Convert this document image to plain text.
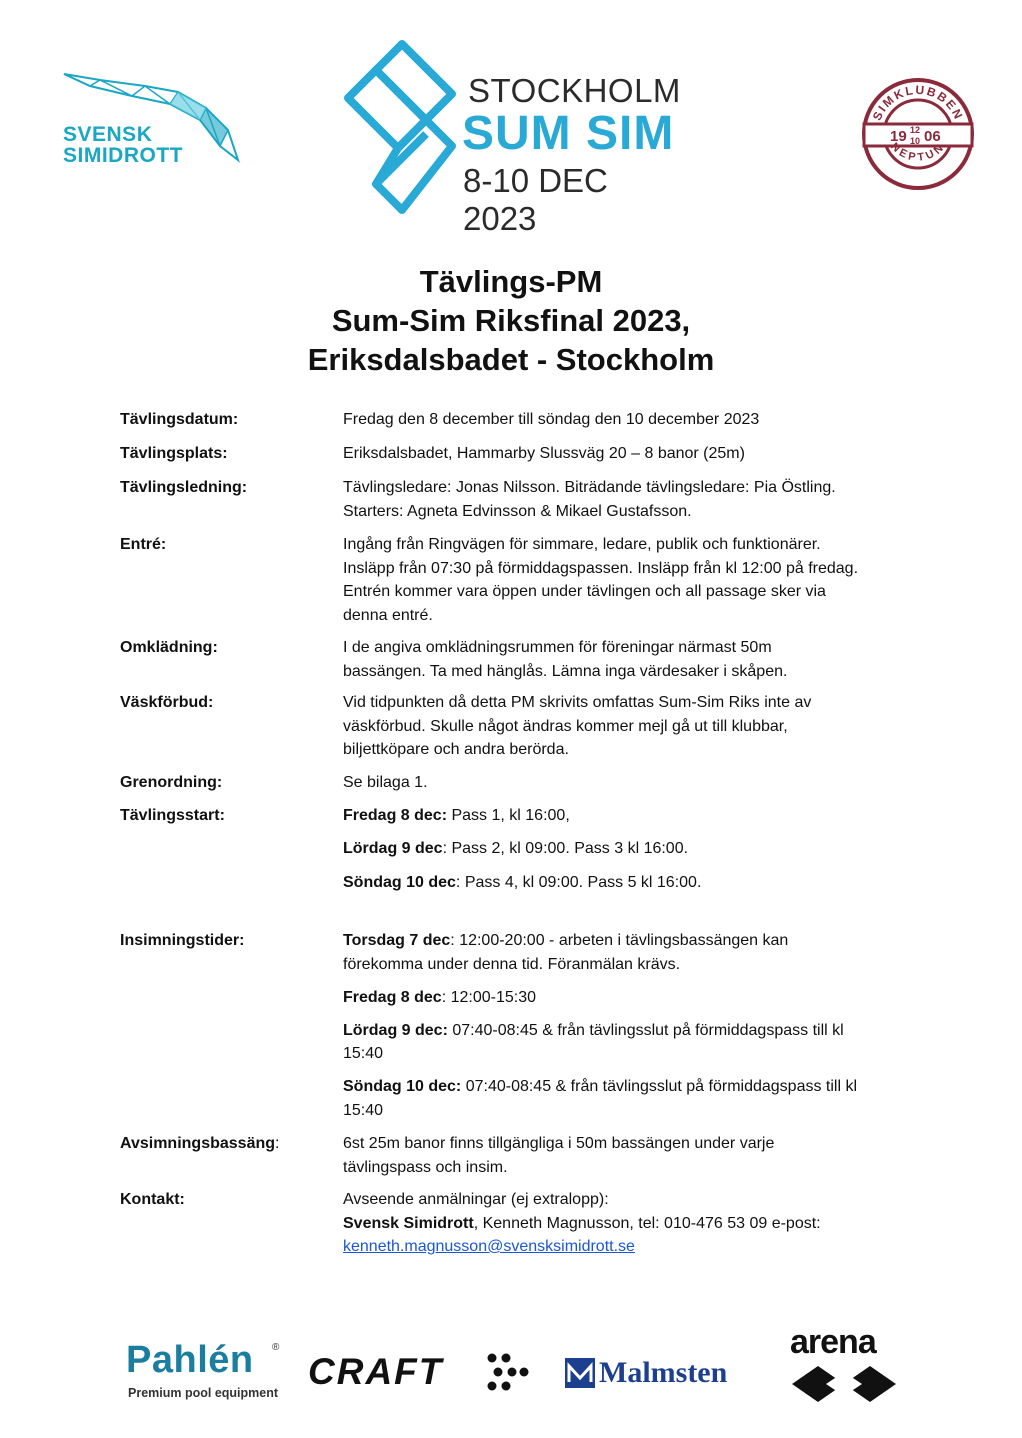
SVENSK
SIMIDROTT
STOCKHOLM
SUM SIM
8-10 DEC 2023
SIMKLUBBEN
NEPTUN
19 12
10 06
Tävlings-PM
Sum-Sim Riksfinal 2023,
Eriksdalsbadet - Stockholm
Tävlingsdatum:	Fredag den 8 december till söndag den 10 december 2023
Tävlingsplats:	Eriksdalsbadet, Hammarby Slussväg 20 – 8 banor (25m)
Tävlingsledning:	Tävlingsledare: Jonas Nilsson. Biträdande tävlingsledare: Pia Östling.
Starters: Agneta Edvinsson & Mikael Gustafsson.
Entré:	Ingång från Ringvägen för simmare, ledare, publik och funktionärer.
Insläpp från 07:30 på förmiddagspassen. Insläpp från kl 12:00 på fredag.
Entrén kommer vara öppen under tävlingen och all passage sker via
denna entré.
Omklädning:	I de angiva omklädningsrummen för föreningar närmast 50m
bassängen. Ta med hänglås. Lämna inga värdesaker i skåpen.
Väskförbud:	Vid tidpunkten då detta PM skrivits omfattas Sum-Sim Riks inte av
väskförbud. Skulle något ändras kommer mejl gå ut till klubbar,
biljettköpare och andra berörda.
Grenordning:	Se bilaga 1.
Tävlingsstart:	Fredag 8 dec: Pass 1, kl 16:00,
Lördag 9 dec: Pass 2, kl 09:00. Pass 3 kl 16:00.
Söndag 10 dec: Pass 4, kl 09:00. Pass 5 kl 16:00.
Insimningstider:	Torsdag 7 dec: 12:00-20:00 - arbeten i tävlingsbassängen kan
förekomma under denna tid. Föranmälan krävs.
Fredag 8 dec: 12:00-15:30
Lördag 9 dec: 07:40-08:45 & från tävlingsslut på förmiddagspass till kl
15:40
Söndag 10 dec: 07:40-08:45 & från tävlingsslut på förmiddagspass till kl
15:40
Avsimningsbassäng:	6st 25m banor finns tillgängliga i 50m bassängen under varje
tävlingspass och insim.
Kontakt:	Avseende anmälningar (ej extralopp):
Svensk Simidrott, Kenneth Magnusson, tel: 010-476 53 09 e-post:
kenneth.magnusson@svensksimidrott.se
Pahlén ®
Premium pool equipment
CRAFT	Malmsten
arena
